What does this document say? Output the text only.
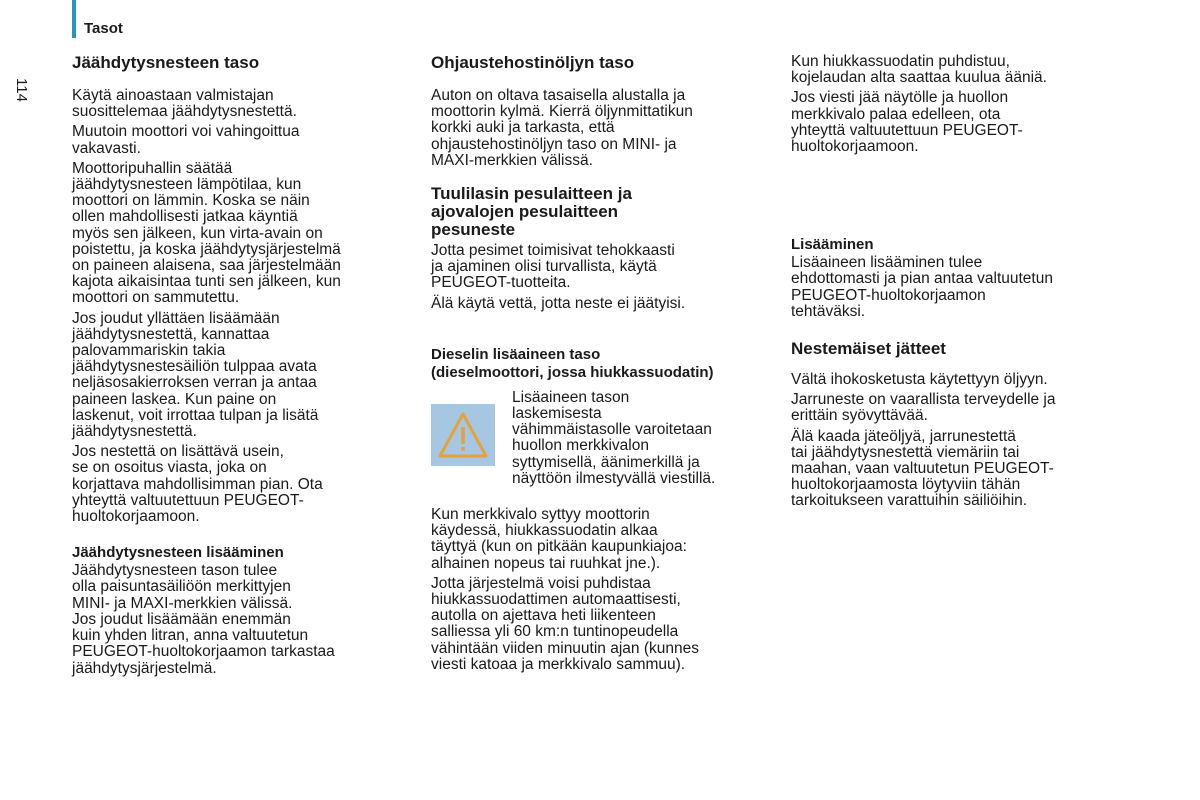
Tasot
114
Jäähdytysnesteen taso

Käytä ainoastaan valmistajan
suosittelemaa jäähdytysnestettä.

Muutoin moottori voi vahingoittua
vakavasti.

Moottoripuhallin säätää
jäähdytysnesteen lämpötilaa, kun
moottori on lämmin. Koska se näin
ollen mahdollisesti jatkaa käyntiä
myös sen jälkeen, kun virta-avain on
poistettu, ja koska jäähdytysjärjestelmä
on paineen alaisena, saa järjestelmään
kajota aikaisintaa tunti sen jälkeen, kun
moottori on sammutettu.

Jos joudut yllättäen lisäämään
jäähdytysnestettä, kannattaa
palovammariskin takia
jäähdytysnestesäiliön tulppaa avata
neljäsosakierroksen verran ja antaa
paineen laskea. Kun paine on
laskenut, voit irrottaa tulpan ja lisätä
jäähdytysnestettä.

Jos nestettä on lisättävä usein,
se on osoitus viasta, joka on
korjattava mahdollisimman pian. Ota
yhteyttä valtuutettuun PEUGEOT-
huoltokorjaamoon.

Jäähdytysnesteen lisääminen

Jäähdytysnesteen tason tulee
olla paisuntasäiliöön merkittyjen
MINI- ja MAXI-merkkien välissä.
Jos joudut lisäämään enemmän
kuin yhden litran, anna valtuutetun
PEUGEOT-huoltokorjaamon tarkastaa
jäähdytysjärjestelmä.

Ohjaustehostinöljyn taso

Auton on oltava tasaisella alustalla ja
moottorin kylmä. Kierrä öljynmittatikun
korkki auki ja tarkasta, että
ohjaustehostinöljyn taso on MINI- ja
MAXI-merkkien välissä.

Tuulilasin pesulaitteen ja
ajovalojen pesulaitteen
pesuneste

Jotta pesimet toimisivat tehokkaasti
ja ajaminen olisi turvallista, käytä
PEUGEOT-tuotteita.

Älä käytä vettä, jotta neste ei jäätyisi.

Dieselin lisäaineen taso
(dieselmoottori, jossa hiukkassuodatin)
Lisäaineen tason
laskemisesta
vähimmäistasolle varoitetaan
huollon merkkivalon
syttymisellä, äänimerkillä ja
näyttöön ilmestyvällä viestillä.

Kun merkkivalo syttyy moottorin
käydessä, hiukkassuodatin alkaa
täyttyä (kun on pitkään kaupunkiajoa:
alhainen nopeus tai ruuhkat jne.).

Jotta järjestelmä voisi puhdistaa
hiukkassuodattimen automaattisesti,
autolla on ajettava heti liikenteen
salliessa yli 60 km:n tuntinopeudella
vähintään viiden minuutin ajan (kunnes
viesti katoaa ja merkkivalo sammuu).

Kun hiukkassuodatin puhdistuu,
kojelaudan alta saattaa kuulua ääniä.

Jos viesti jää näytölle ja huollon
merkkivalo palaa edelleen, ota
yhteyttä valtuutettuun PEUGEOT-
huoltokorjaamoon.

Lisääminen

Lisäaineen lisääminen tulee
ehdottomasti ja pian antaa valtuutetun
PEUGEOT-huoltokorjaamon
tehtäväksi.

Nestemäiset jätteet

Vältä ihokosketusta käytettyyn öljyyn.

Jarruneste on vaarallista terveydelle ja
erittäin syövyttävää.

Älä kaada jäteöljyä, jarrunestettä
tai jäähdytysnestettä viemäriin tai
maahan, vaan valtuutetun PEUGEOT-
huoltokorjaamosta löytyviin tähän
tarkoitukseen varattuihin säiliöihin.
